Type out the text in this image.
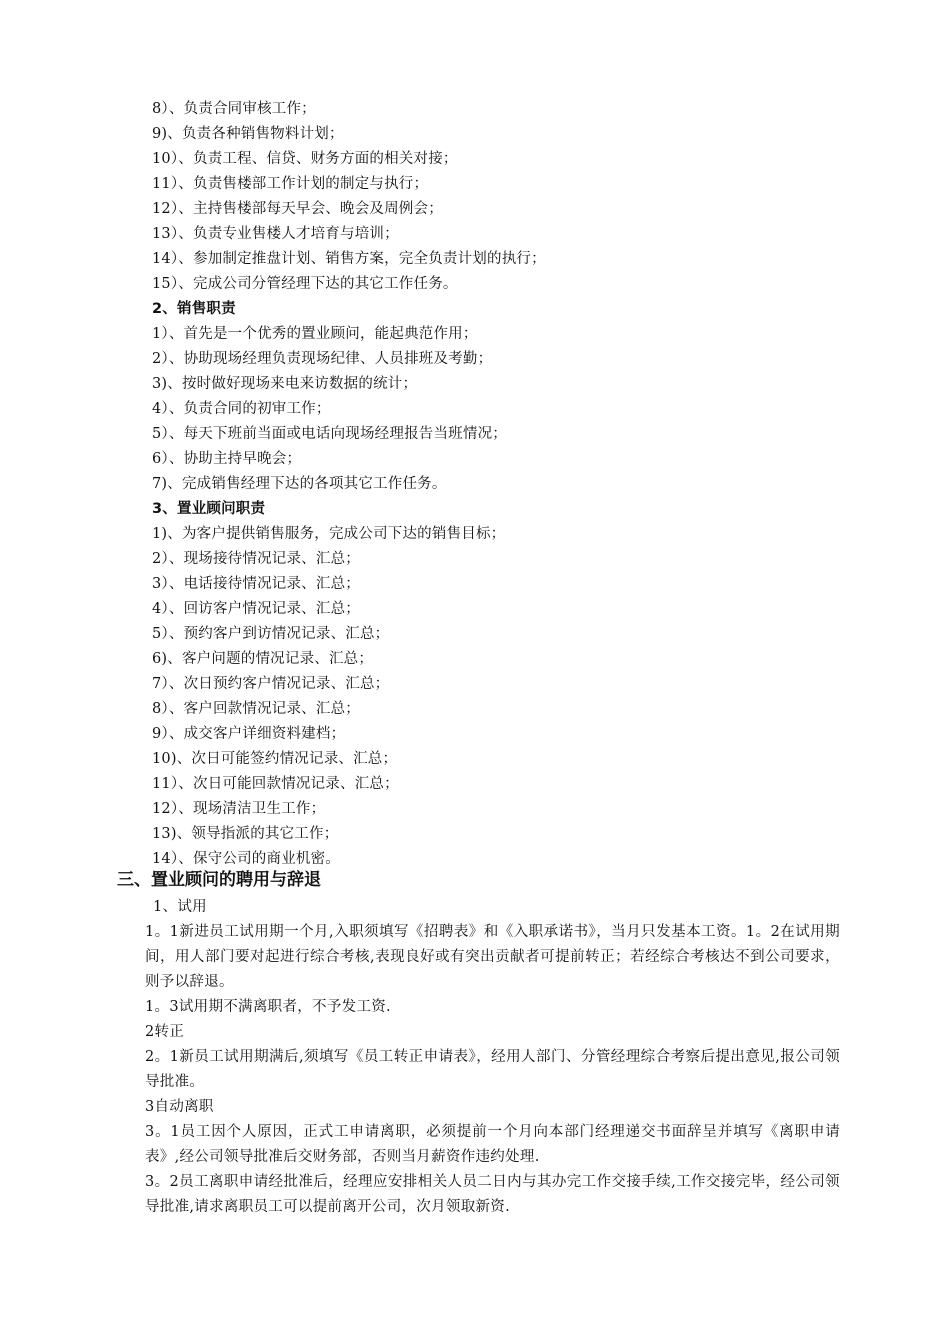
8）、负责合同审核工作；
9)、负责各种销售物料计划；
10）、负责工程、信贷、财务方面的相关对接；
11）、负责售楼部工作计划的制定与执行；
12）、主持售楼部每天早会、晚会及周例会；
13）、负责专业售楼人才培育与培训；
14）、参加制定推盘计划、销售方案，完全负责计划的执行；
15）、完成公司分管经理下达的其它工作任务。
2、销售职责
1）、首先是一个优秀的置业顾问，能起典范作用；
2）、协助现场经理负责现场纪律、人员排班及考勤；
3)、按时做好现场来电来访数据的统计；
4）、负责合同的初审工作；
5）、每天下班前当面或电话向现场经理报告当班情况；
6）、协助主持早晚会；
7)、完成销售经理下达的各项其它工作任务。
3、置业顾问职责
1)、为客户提供销售服务，完成公司下达的销售目标；
2）、现场接待情况记录、汇总；
3）、电话接待情况记录、汇总；
4）、回访客户情况记录、汇总；
5）、预约客户到访情况记录、汇总；
6)、客户问题的情况记录、汇总；
7）、次日预约客户情况记录、汇总；
8）、客户回款情况记录、汇总；
9）、成交客户详细资料建档；
10)、次日可能签约情况记录、汇总；
11）、次日可能回款情况记录、汇总；
12）、现场清洁卫生工作；
13)、领导指派的其它工作；
14）、保守公司的商业机密。
三、置业顾问的聘用与辞退

1、试用

1。1新进员工试用期一个月,入职须填写《招聘表》和《入职承诺书》，当月只发基本工资。1。2在试用期间，用人部门要对起进行综合考核,表现良好或有突出贡献者可提前转正；若经综合考核达不到公司要求，则予以辞退。

1。3试用期不满离职者，不予发工资.

2转正

2。1新员工试用期满后,须填写《员工转正申请表》，经用人部门、分管经理综合考察后提出意见,报公司领导批准。

3自动离职

3。1员工因个人原因，正式工申请离职，必须提前一个月向本部门经理递交书面辞呈并填写《离职申请表》,经公司领导批准后交财务部，否则当月薪资作违约处理.

3。2员工离职申请经批准后，经理应安排相关人员二日内与其办完工作交接手续,工作交接完毕，经公司领导批准,请求离职员工可以提前离开公司，次月领取新资.
